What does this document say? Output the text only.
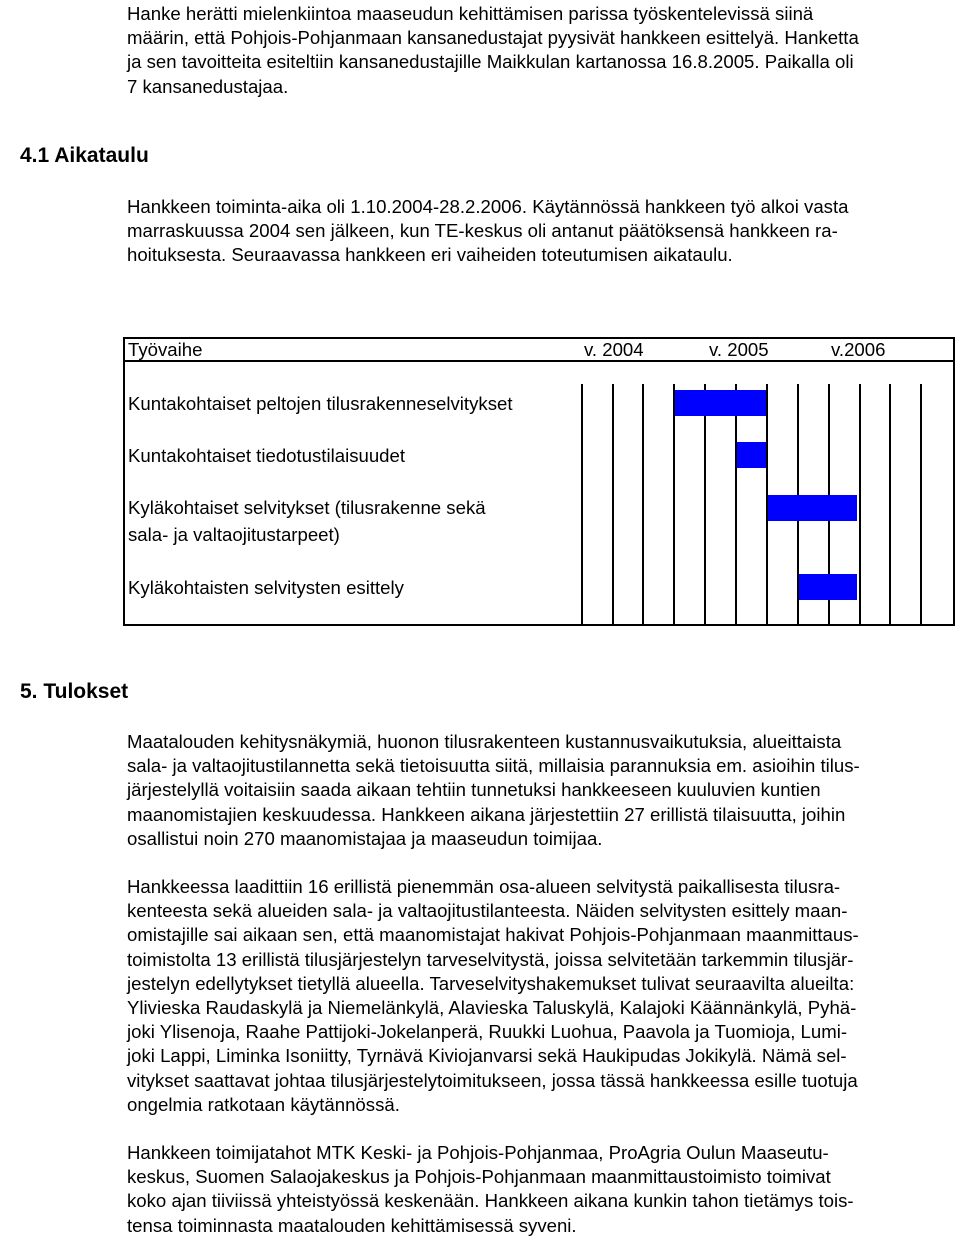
Hanke herätti mielenkiintoa maaseudun kehittämisen parissa työskentelevissä siinä
määrin, että Pohjois-Pohjanmaan kansanedustajat pyysivät hankkeen esittelyä. Hanketta
ja sen tavoitteita esiteltiin kansanedustajille Maikkulan kartanossa 16.8.2005. Paikalla oli
7 kansanedustajaa.
4.1 Aikataulu
Hankkeen toiminta-aika oli 1.10.2004-28.2.2006. Käytännössä hankkeen työ alkoi vasta
marraskuussa 2004 sen jälkeen, kun TE-keskus oli antanut päätöksensä hankkeen ra-
hoituksesta. Seuraavassa hankkeen eri vaiheiden toteutumisen aikataulu.
Työvaihe	v. 2004	v. 2005	v.2006
Kuntakohtaiset peltojen tilusrakenneselvitykset
Kuntakohtaiset tiedotustilaisuudet
Kyläkohtaiset selvitykset (tilusrakenne sekä
sala- ja valtaojitustarpeet)
Kyläkohtaisten selvitysten esittely
5. Tulokset
Maatalouden kehitysnäkymiä, huonon tilusrakenteen kustannusvaikutuksia, alueittaista
sala- ja valtaojitustilannetta sekä tietoisuutta siitä, millaisia parannuksia em. asioihin tilus-
järjestelyllä voitaisiin saada aikaan tehtiin tunnetuksi hankkeeseen kuuluvien kuntien
maanomistajien keskuudessa. Hankkeen aikana järjestettiin 27 erillistä tilaisuutta, joihin
osallistui noin 270 maanomistajaa ja maaseudun toimijaa.
Hankkeessa laadittiin 16 erillistä pienemmän osa-alueen selvitystä paikallisesta tilusra-
kenteesta sekä alueiden sala- ja valtaojitustilanteesta. Näiden selvitysten esittely maan-
omistajille sai aikaan sen, että maanomistajat hakivat Pohjois-Pohjanmaan maanmittaus-
toimistolta 13 erillistä tilusjärjestelyn tarveselvitystä, joissa selvitetään tarkemmin tilusjär-
jestelyn edellytykset tietyllä alueella. Tarveselvityshakemukset tulivat seuraavilta alueilta:
Ylivieska Raudaskylä ja Niemelänkylä, Alavieska Taluskylä, Kalajoki Käännänkylä, Pyhä-
joki Ylisenoja, Raahe Pattijoki-Jokelanperä, Ruukki Luohua, Paavola ja Tuomioja, Lumi-
joki Lappi, Liminka Isoniitty, Tyrnävä Kiviojanvarsi sekä Haukipudas Jokikylä. Nämä sel-
vitykset saattavat johtaa tilusjärjestelytoimitukseen, jossa tässä hankkeessa esille tuotuja
ongelmia ratkotaan käytännössä.
Hankkeen toimijatahot MTK Keski- ja Pohjois-Pohjanmaa, ProAgria Oulun Maaseutu-
keskus, Suomen Salaojakeskus ja Pohjois-Pohjanmaan maanmittaustoimisto toimivat
koko ajan tiiviissä yhteistyössä keskenään. Hankkeen aikana kunkin tahon tietämys tois-
tensa toiminnasta maatalouden kehittämisessä syveni.
